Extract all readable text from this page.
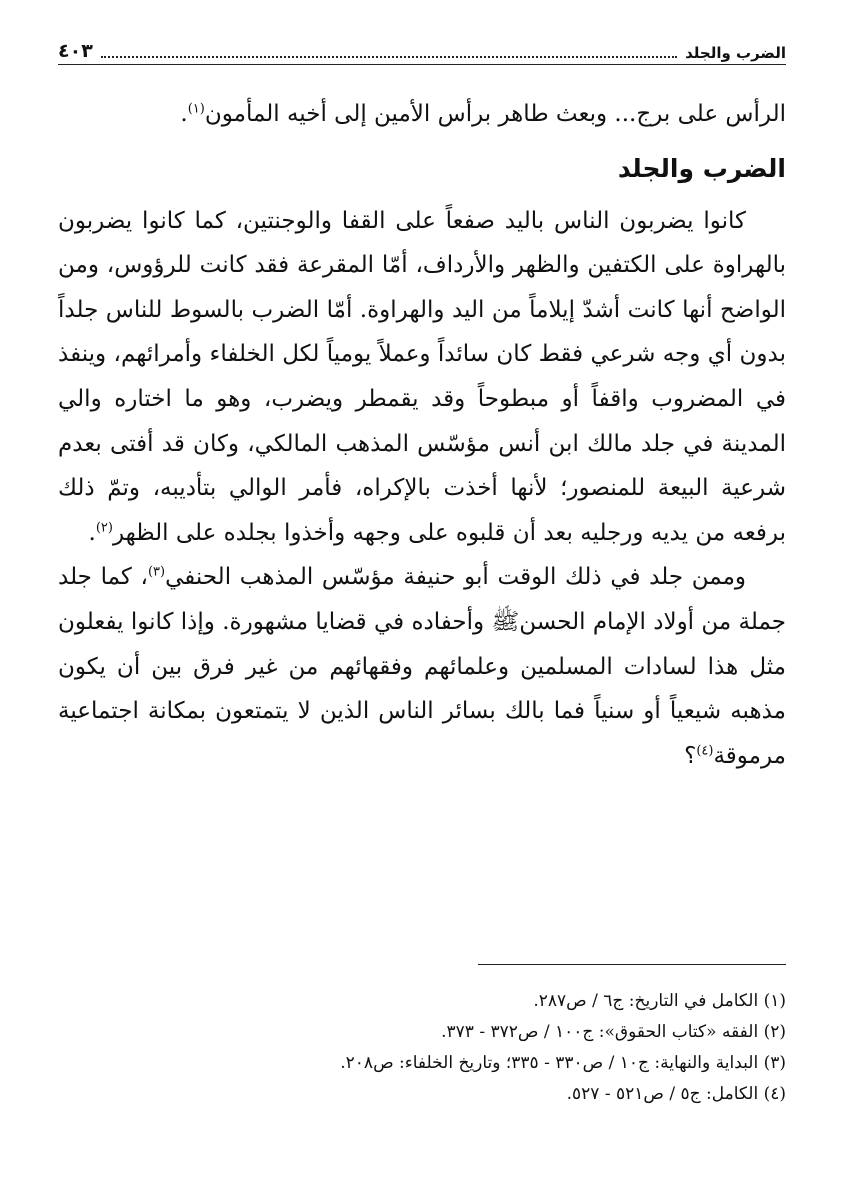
الضرب والجلد
٤٠٣

الرأس على برج... وبعث طاهر برأس الأمين إلى أخيه المأمون$^{(١)}$.

الضرب والجلد

كانوا يضربون الناس باليد صفعاً على القفا والوجنتين، كما كانوا يضربون بالهراوة على الكتفين والظهر والأرداف، أمّا المقرعة فقد كانت للرؤوس، ومن الواضح أنها كانت أشدّ إيلاماً من اليد والهراوة. أمّا الضرب بالسوط للناس جلداً بدون أي وجه شرعي فقط كان سائداً وعملاً يومياً لكل الخلفاء وأمرائهم، وينفذ في المضروب واقفاً أو مبطوحاً وقد يقمطر ويضرب، وهو ما اختاره والي المدينة في جلد مالك ابن أنس مؤسّس المذهب المالكي، وكان قد أفتى بعدم شرعية البيعة للمنصور؛ لأنها أخذت بالإكراه، فأمر الوالي بتأديبه، وتمّ ذلك برفعه من يديه ورجليه بعد أن قلبوه على وجهه وأخذوا بجلده على الظهر$^{(٢)}$.

وممن جلد في ذلك الوقت أبو حنيفة مؤسّس المذهب الحنفي$^{(٣)}$، كما جلد جملة من أولاد الإمام الحسنﷺ وأحفاده في قضايا مشهورة. وإذا كانوا يفعلون مثل هذا لسادات المسلمين وعلمائهم وفقهائهم من غير فرق بين أن يكون مذهبه شيعياً أو سنياً فما بالك بسائر الناس الذين لا يتمتعون بمكانة اجتماعية مرموقة$^{(٤)}$؟

(١) الكامل في التاريخ: ج٦ / ص٢٨٧.
(٢) الفقه «كتاب الحقوق»: ج١٠٠ / ص٣٧٢ - ٣٧٣.
(٣) البداية والنهاية: ج١٠ / ص٣٣٠ - ٣٣٥؛ وتاريخ الخلفاء: ص٢٠٨.
(٤) الكامل: ج٥ / ص٥٢١ - ٥٢٧.
